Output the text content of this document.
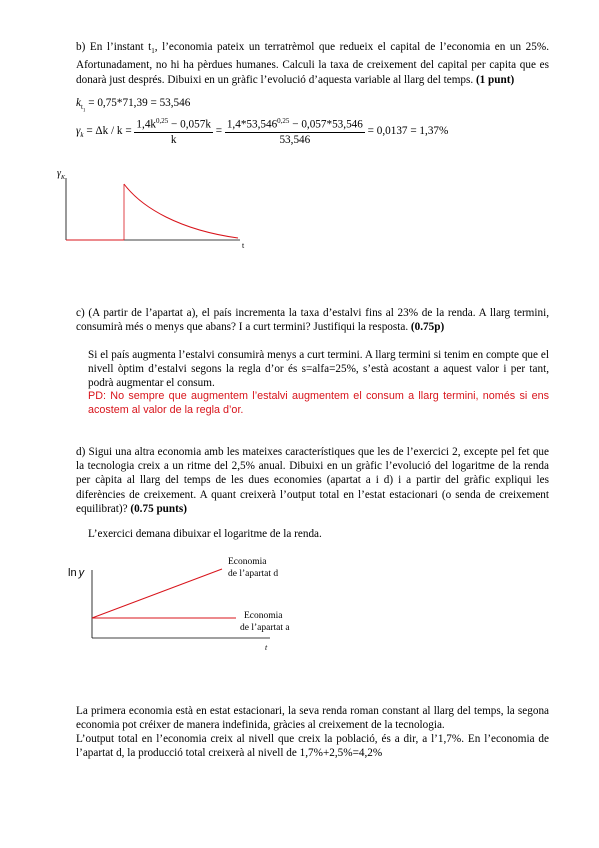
b) En l’instant $t_1$, l’economia pateix un terratrèmol que redueix el capital de l’economia en un 25%. Afortunadament, no hi ha pèrdues humanes. Calculi la taxa de creixement del capital per capita que es donarà just després. Dibuixi en un gràfic l’evolució d’aquesta variable al llarg del temps. (1 punt)
$k_{t_1} = 0,75*71,39 = 53,546$
$\gamma_k = \Delta k / k = \frac{1,4k^{0,25} - 0,057k}{k} = \frac{1,4*53,546^{0,25} - 0,057*53,546}{53,546} = 0,0137 = 1,37\%$
$\gamma_K$
t
c) (A partir de l’apartat a), el país incrementa la taxa d’estalvi fins al 23% de la renda. A llarg termini, consumirà més o menys que abans? I a curt termini? Justifiqui la resposta. (0.75p)
Si el país augmenta l’estalvi consumirà menys a curt termini. A llarg termini si tenim en compte que el nivell òptim d’estalvi segons la regla d’or és s=alfa=25%, s’està acostant a aquest valor i per tant, podrà augmentar el consum.
PD: No sempre que augmentem l’estalvi augmentem el consum a llarg termini, només si ens acostem al valor de la regla d’or.
d) Sigui una altra economia amb les mateixes característiques que les de l’exercici 2, excepte pel fet que la tecnologia creix a un ritme del 2,5% anual. Dibuixi en un gràfic l’evolució del logaritme de la renda per càpita al llarg del temps de les dues economies (apartat a i d) i a partir del gràfic expliqui les diferències de creixement. A quant creixerà l’output total en l’estat estacionari (o senda de creixement equilibrat)? (0.75 punts)
L’exercici demana dibuixar el logaritme de la renda.
ln y
t
Economia
de l’apartat d
Economia
de l’apartat a
La primera economia està en estat estacionari, la seva renda roman constant al llarg del temps, la segona economia pot créixer de manera indefinida, gràcies al creixement de la tecnologia.
L’output total en l’economia creix al nivell que creix la població, és a dir, a l’1,7%. En l’economia de l’apartat d, la producció total creixerà al nivell de 1,7%+2,5%=4,2%
